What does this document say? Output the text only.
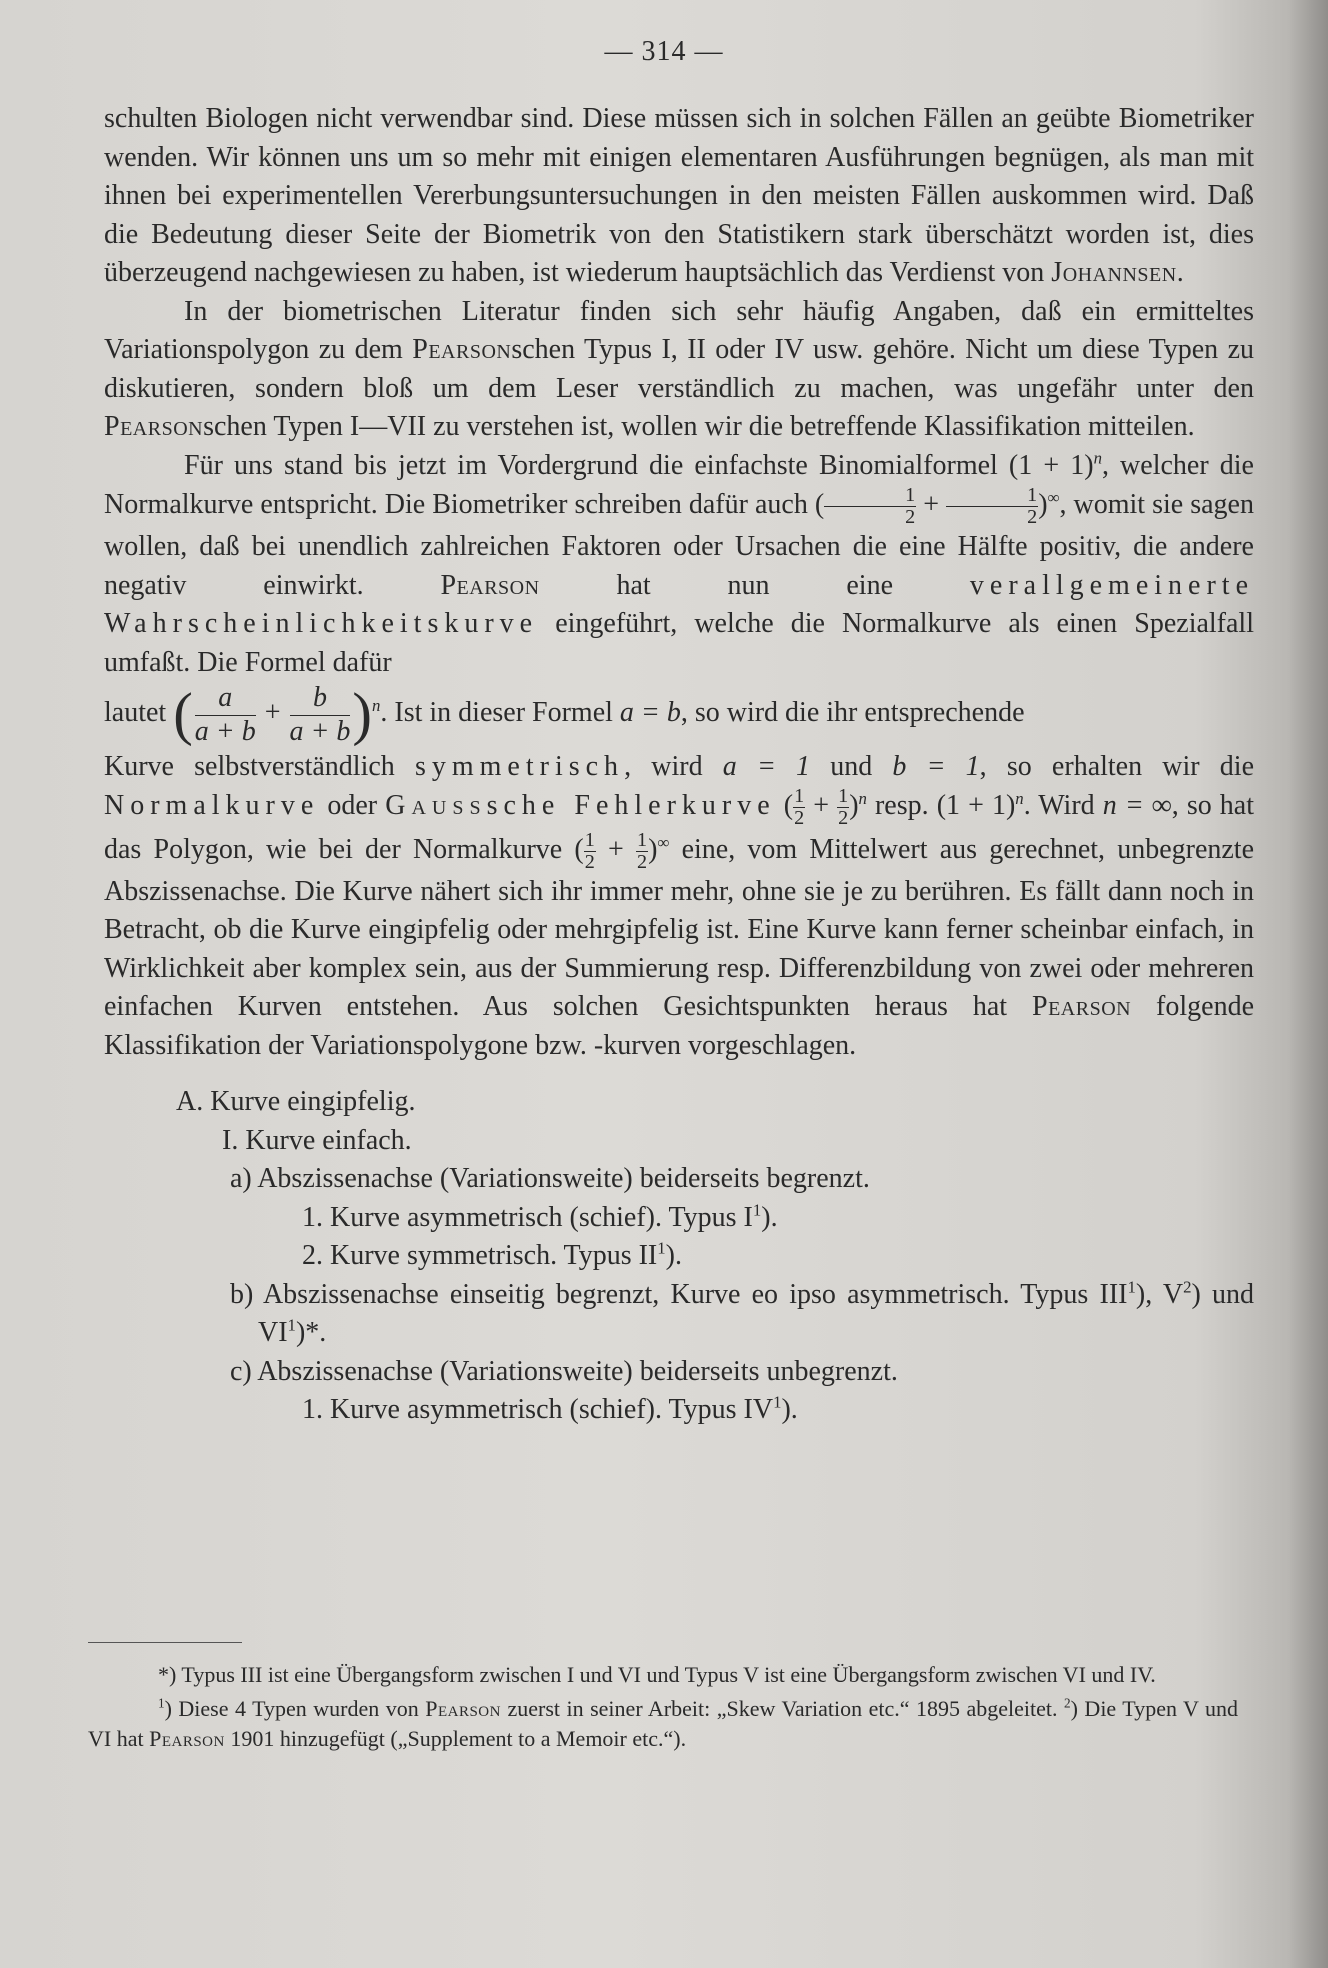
— 314 —

schulten Biologen nicht verwendbar sind. Diese müssen sich in solchen Fällen an geübte Biometriker wenden. Wir können uns um so mehr mit einigen elementaren Ausführungen begnügen, als man mit ihnen bei experimentellen Vererbungsuntersuchungen in den meisten Fällen auskommen wird. Daß die Bedeutung dieser Seite der Biometrik von den Statistikern stark überschätzt worden ist, dies überzeugend nachgewiesen zu haben, ist wiederum hauptsächlich das Verdienst von Johannsen.

In der biometrischen Literatur finden sich sehr häufig Angaben, daß ein ermitteltes Variationspolygon zu dem Pearsonschen Typus I, II oder IV usw. gehöre. Nicht um diese Typen zu diskutieren, sondern bloß um dem Leser verständlich zu machen, was ungefähr unter den Pearsonschen Typen I—VII zu verstehen ist, wollen wir die betreffende Klassifikation mitteilen.

Für uns stand bis jetzt im Vordergrund die einfachste Binomialformel $(1 + 1)^n$, welcher die Normalkurve entspricht. Die Biometriker schreiben dafür auch ( $\frac{1}{2} + \frac{1}{2} )^\infty$, womit sie sagen wollen, daß bei unendlich zahlreichen Faktoren oder Ursachen die eine Hälfte positiv, die andere negativ einwirkt.	Pearson	hat nun eine	verallgemeinerte Wahrscheinlichkeitskurve eingeführt, welche die Normalkurve als einen Spezialfall umfaßt. Die Formel dafür

lautet ( $\frac{a}{a + b} + \frac{b}{a + b} )^n$. Ist in dieser Formel a = b, so wird die ihr entsprechende

Kurve selbstverständlich symmetrisch, wird a = 1 und b = 1, so erhalten wir die Normalkurve oder Gausssche Fehlerkurve ( $\frac{1}{2} + \frac{1}{2} )^n$ resp. $(1 + 1)^n$. Wird n = ∞, so hat das Polygon, wie bei der Normalkurve ( $\frac{1}{2} + \frac{1}{2} )^\infty$ eine, vom Mittelwert aus gerechnet, unbegrenzte Abszissenachse. Die Kurve nähert sich ihr immer mehr, ohne sie je zu berühren. Es fällt dann noch in Betracht, ob die Kurve eingipfelig oder mehrgipfelig ist. Eine Kurve kann ferner scheinbar einfach, in Wirklichkeit aber komplex sein, aus der Summierung resp. Differenzbildung von zwei oder mehreren einfachen Kurven entstehen. Aus solchen Gesichtspunkten heraus hat Pearson folgende Klassifikation der Variationspolygone bzw. -kurven vorgeschlagen.

A. Kurve eingipfelig.
I. Kurve einfach.
a) Abszissenachse (Variationsweite) beiderseits begrenzt.
1. Kurve asymmetrisch (schief). Typus $I^1$).
2. Kurve symmetrisch. Typus $II^1$).
b) Abszissenachse einseitig begrenzt, Kurve eo ipso asymmetrisch. Typus III$^1$), $V^2$) und $VI^1)*$.
c) Abszissenachse (Variationsweite) beiderseits unbegrenzt.
1. Kurve asymmetrisch (schief). Typus $IV^1$).

*) Typus III ist eine Übergangsform zwischen I und VI und Typus V ist eine Übergangsform zwischen VI und IV.

$^1$) Diese 4 Typen wurden von Pearson zuerst in seiner Arbeit: „Skew Variation etc.“ 1895 abgeleitet. $^2$) Die Typen V und VI hat Pearson 1901 hinzugefügt („Supplement to a Memoir etc.“).
